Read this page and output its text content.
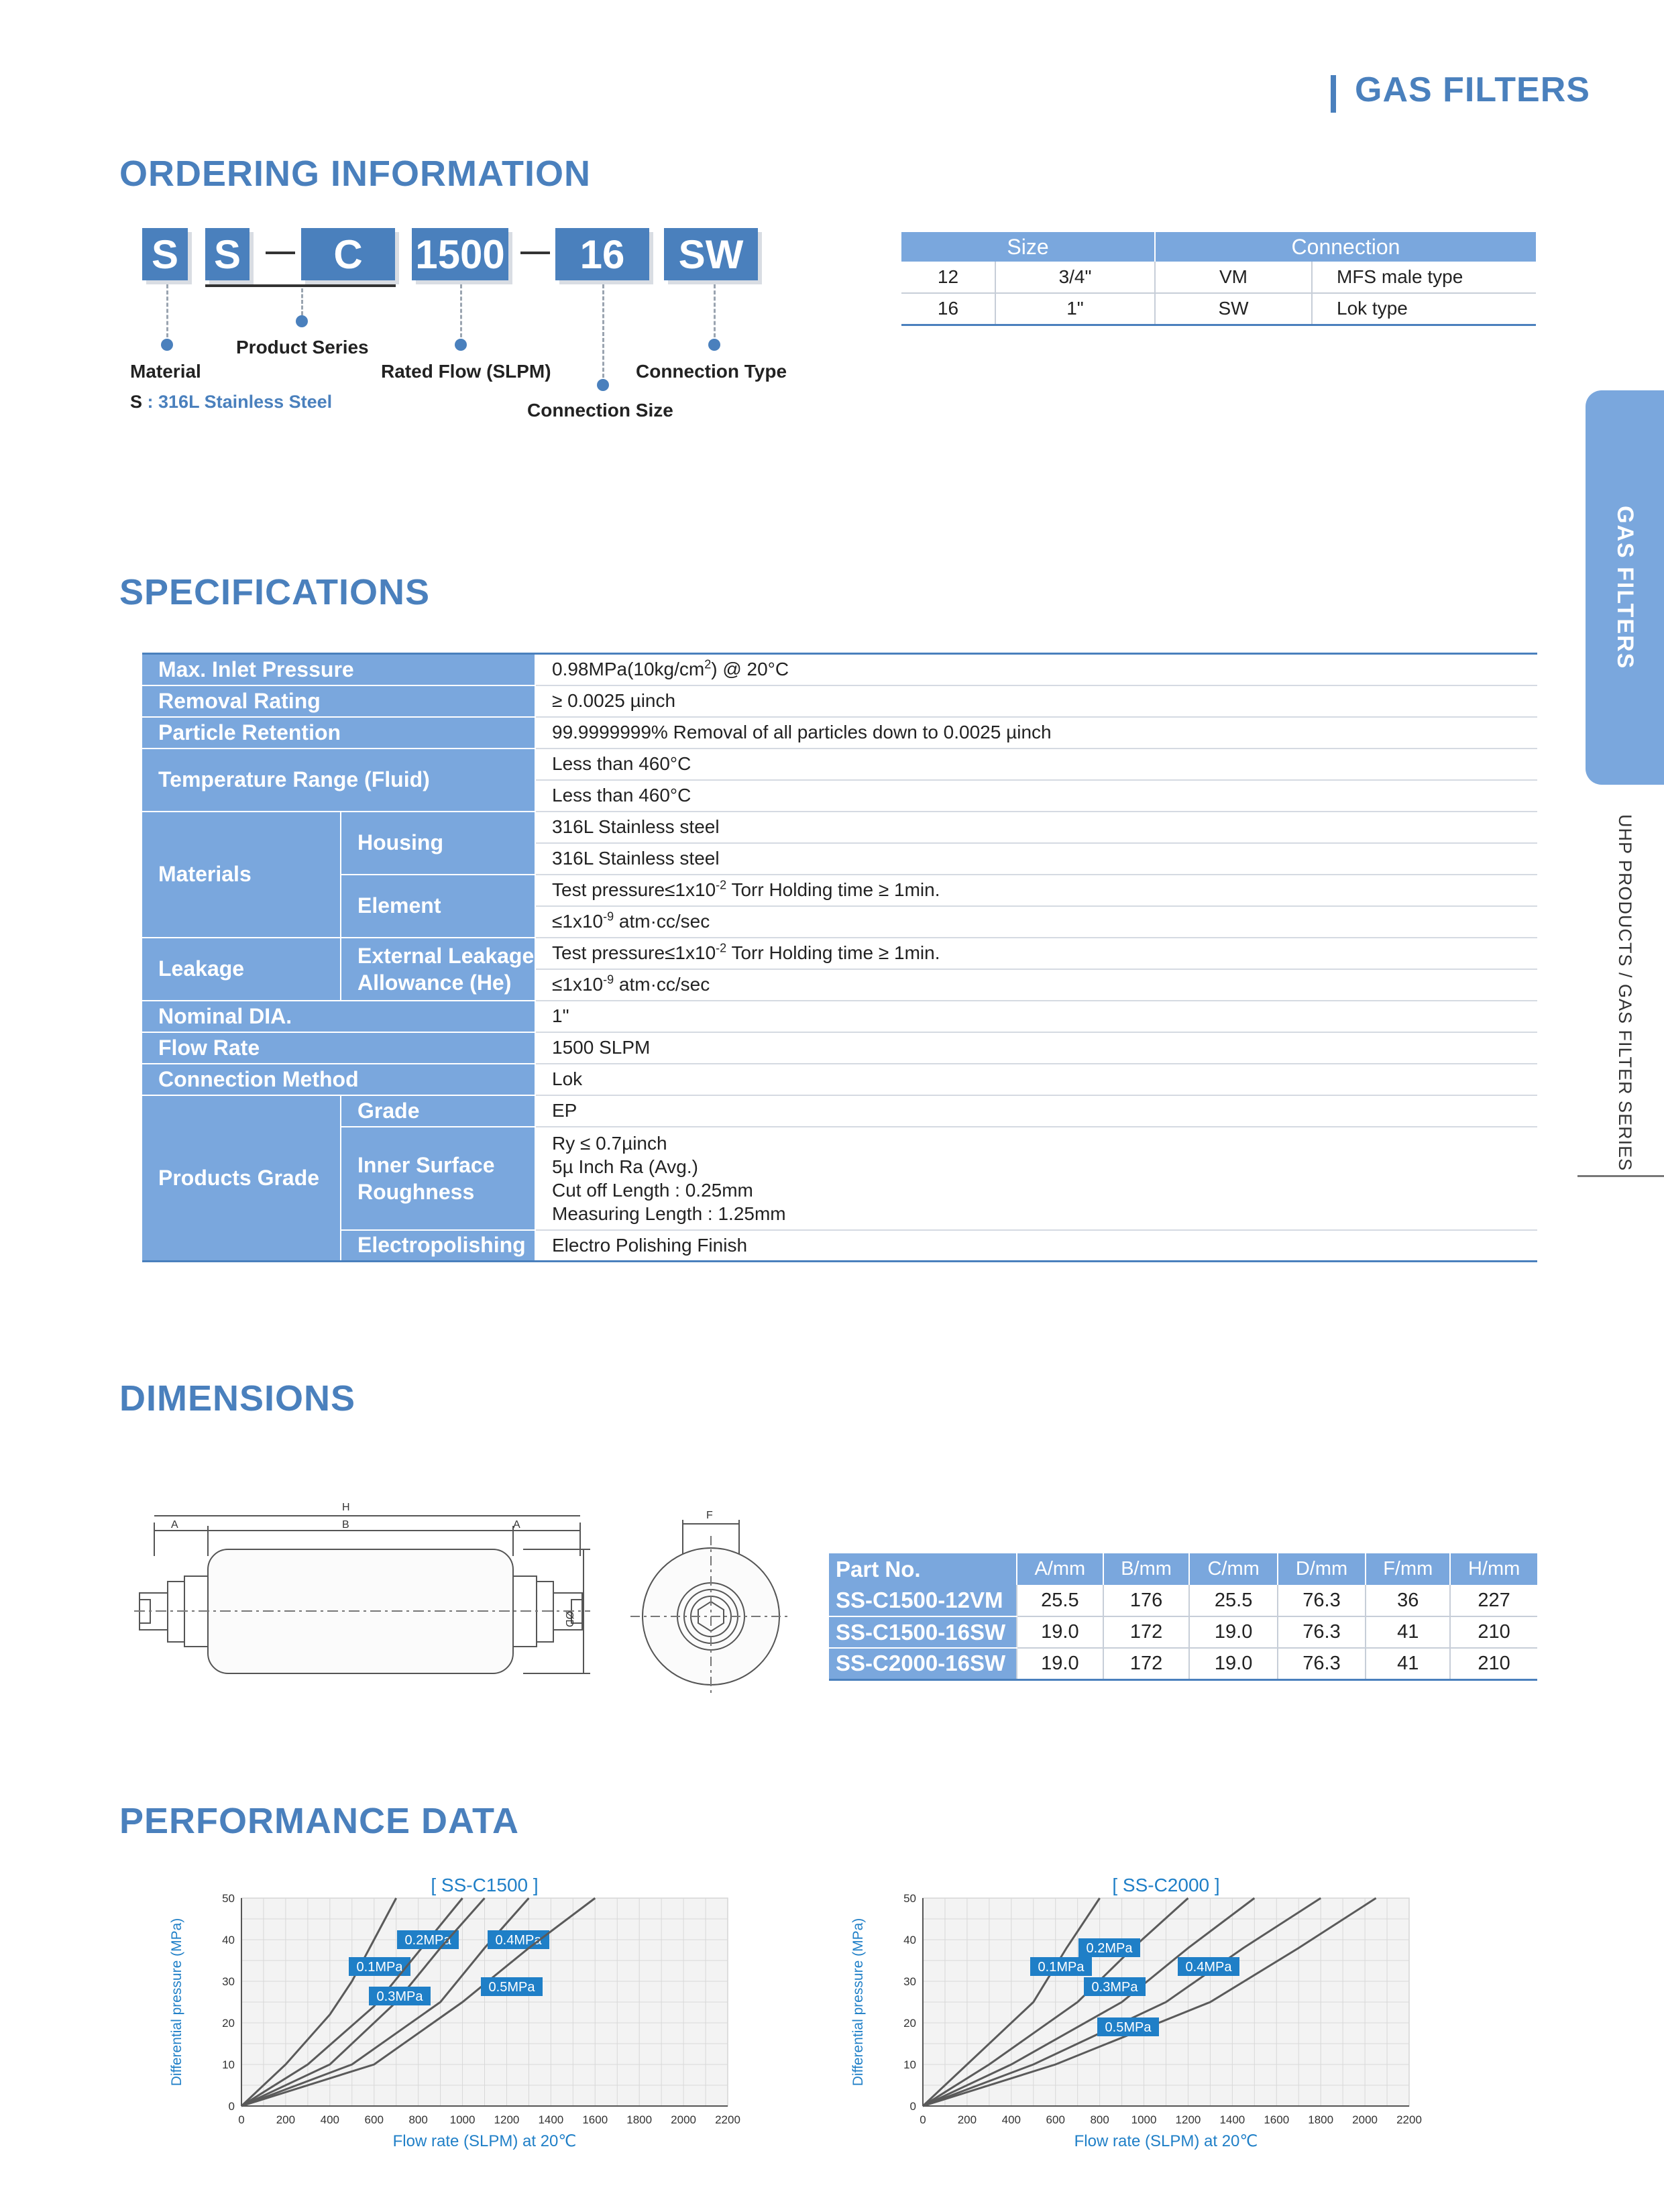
GAS FILTERS
ORDERING INFORMATION
S S	C	1500	16	SW
Product Series
Material	Rated Flow (SLPM)	Connection Type
Connection Size
S : 316L Stainless Steel
Size		Connection	
12	3/4"	VM	MFS male type
16	1"	SW	Lok type
GAS FILTERS
UHP PRODUCTS / GAS FILTER SERIES
SPECIFICATIONS
Max. Inlet Pressure		$0.98MPa(10kg/cm^2)$ @ 20°C	
Removal Rating		≥ 0.0025 µinch	
Particle Retention		99.9999999% Removal of all particles down to 0.0025 µinch	
Temperature Range (Fluid)		Less than 460°C	
		Less than 460°C	
Materials	Housing	316L Stainless steel	
		316L Stainless steel	
	Element	Test $pressure\le 1x10^{-2}$ Torr Holding time ≥ 1min.	
		$\le 1x10^{-9}$ atm·cc/sec	
Leakage	External Leakage Allowance (He)	Test $pressure\le 1x10^{-2}$ Torr Holding time ≥ 1min.	
		$\le 1x10^{-9}$ atm·cc/sec	
Nominal DIA.		1"	
Flow Rate		1500 SLPM	
Connection Method		Lok	
Products Grade	Grade	EP	
	Inner Surface Roughness	Ry ≤ 0.7µinch
5µ Inch Ra (Avg.)
Cut off Length : 0.25mm
Measuring Length : 1.25mm	

	Electropolishing	Electro Polishing Finish	
DIMENSIONS
H
A	B	A
ØD
F
Part No.	A/mm	B/mm	C/mm	D/mm	F/mm	H/mm
SS-C1500-12VM	25.5	176	25.5	76.3	36	227
SS-C1500-16SW	19.0	172	19.0	76.3	41	210
SS-C2000-16SW	19.0	172	19.0	76.3	41	210
PERFORMANCE DATA
0	200 400 600 800 1000 1200 1400 1600 1800 2000 2200
0
10
20
30
40
50
[ SS-C1500 ]
Flow rate (SLPM) at 20℃
Differential pressure (MPa)	0.1MPa
0.2MPa
0.3MPa
0.4MPa
0.5MPa
0	200 400 600 800 1000 1200 1400 1600 1800 2000 2200
0
10
20
30
40
50
[ SS-C2000 ]
Flow rate (SLPM) at 20℃
Differential pressure (MPa)	0.1MPa
0.2MPa
0.3MPa
0.4MPa
0.5MPa
